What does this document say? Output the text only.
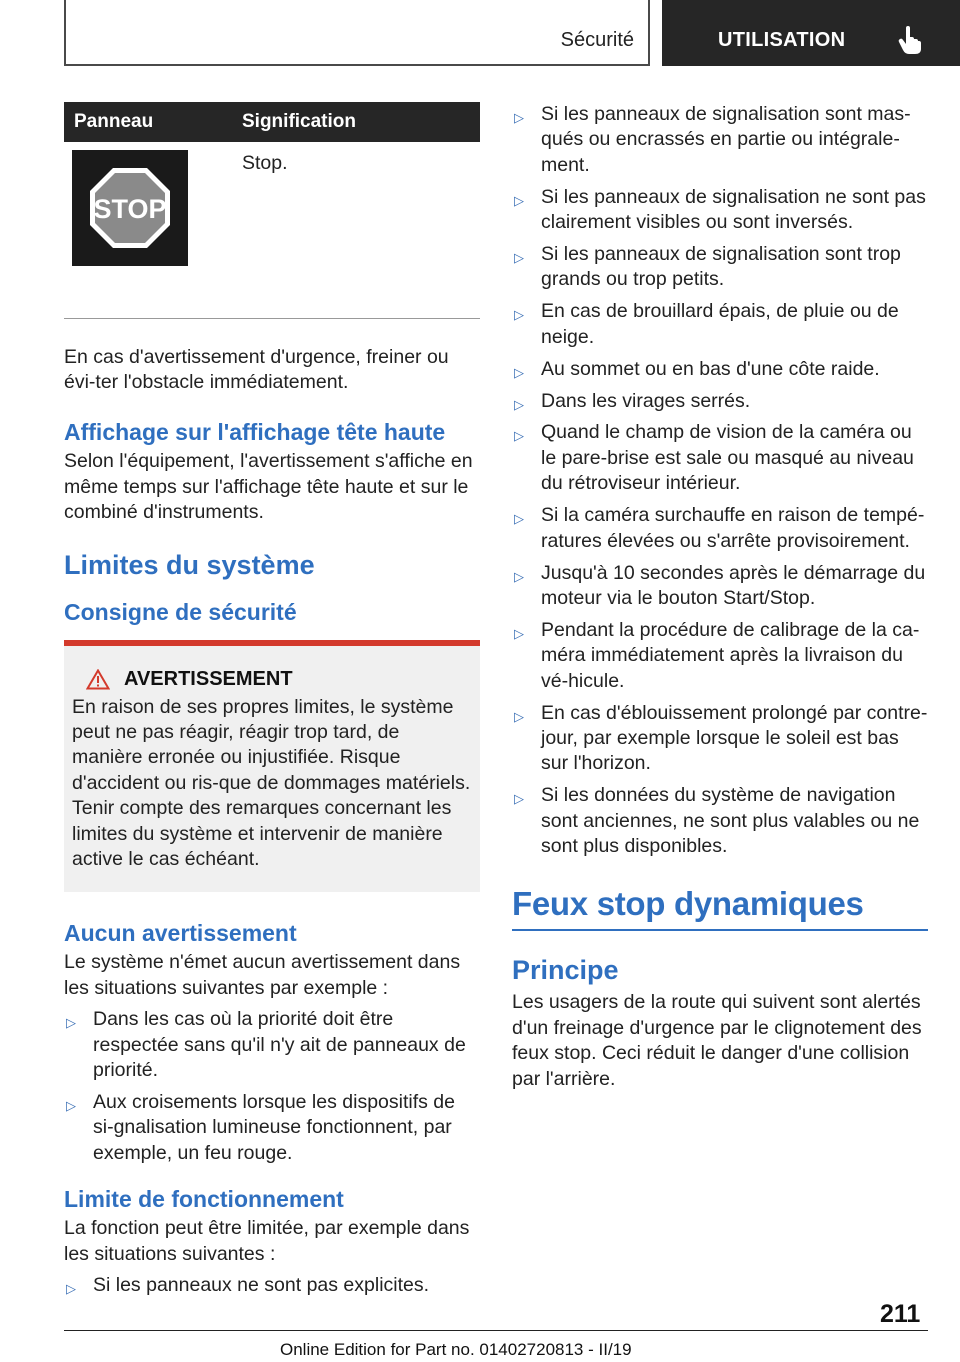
Sécurité	UTILISATION
Panneau	Signification

STOP	Stop.

En cas d'avertissement d'urgence, freiner ou évi-ter l'obstacle immédiatement.

Affichage sur l'affichage tête haute

Selon l'équipement, l'avertissement s'affiche en même temps sur l'affichage tête haute et sur le combiné d'instruments.

Limites du système
Consigne de sécurité
AVERTISSEMENT

En raison de ses propres limites, le système peut ne pas réagir, réagir trop tard, de manière erronée ou injustifiée. Risque d'accident ou ris-que de dommages matériels. Tenir compte des remarques concernant les limites du système et intervenir de manière active le cas échéant.

Aucun avertissement

Le système n'émet aucun avertissement dans les situations suivantes par exemple :

▷ Dans les cas où la priorité doit être respectée sans qu'il n'y ait de panneaux de priorité.
▷ Aux croisements lorsque les dispositifs de si-gnalisation lumineuse fonctionnent, par exemple, un feu rouge.
Limite de fonctionnement

La fonction peut être limitée, par exemple dans les situations suivantes :

▷ Si les panneaux ne sont pas explicites.
▷ Si les panneaux de signalisation sont mas-qués ou encrassés en partie ou intégrale-ment.
▷ Si les panneaux de signalisation ne sont pas clairement visibles ou sont inversés.
▷ Si les panneaux de signalisation sont trop grands ou trop petits.
▷ En cas de brouillard épais, de pluie ou de neige.
▷ Au sommet ou en bas d'une côte raide.
▷ Dans les virages serrés.
▷ Quand le champ de vision de la caméra ou le pare-brise est sale ou masqué au niveau du rétroviseur intérieur.
▷ Si la caméra surchauffe en raison de tempé-ratures élevées ou s'arrête provisoirement.
▷ Jusqu'à 10 secondes après le démarrage du moteur via le bouton Start/Stop.
▷ Pendant la procédure de calibrage de la ca-méra immédiatement après la livraison du vé-hicule.
▷ En cas d'éblouissement prolongé par contre-jour, par exemple lorsque le soleil est bas sur l'horizon.
▷ Si les données du système de navigation sont anciennes, ne sont plus valables ou ne sont plus disponibles.
Feux stop dynamiques
Principe

Les usagers de la route qui suivent sont alertés d'un freinage d'urgence par le clignotement des feux stop. Ceci réduit le danger d'une collision par l'arrière.

211
Online Edition for Part no. 01402720813 - II/19
